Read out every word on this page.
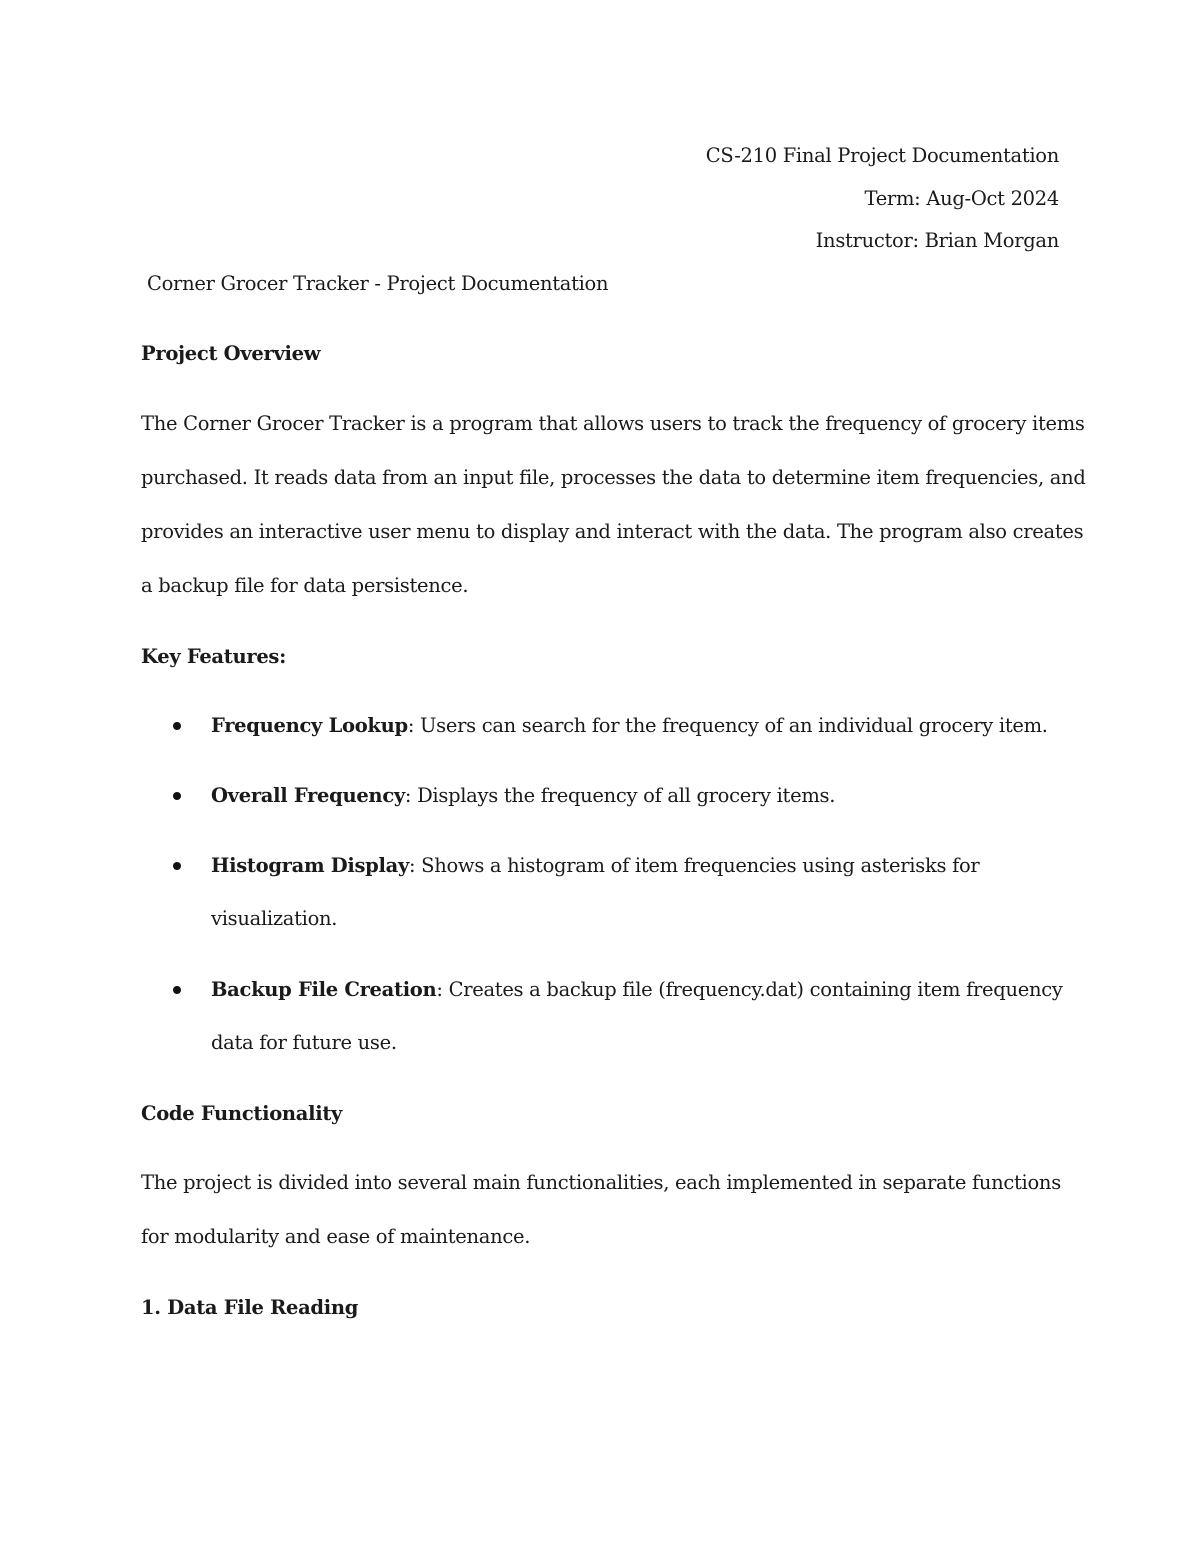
CS-210 Final Project Documentation
Term: Aug-Oct 2024
Instructor: Brian Morgan
Corner Grocer Tracker - Project Documentation
Project Overview
The Corner Grocer Tracker is a program that allows users to track the frequency of grocery items
purchased. It reads data from an input file, processes the data to determine item frequencies, and
provides an interactive user menu to display and interact with the data. The program also creates
a backup file for data persistence.
Key Features:
Frequency Lookup: Users can search for the frequency of an individual grocery item.
Overall Frequency: Displays the frequency of all grocery items.
Histogram Display: Shows a histogram of item frequencies using asterisks for
visualization.
Backup File Creation: Creates a backup file (frequency.dat) containing item frequency
data for future use.
Code Functionality
The project is divided into several main functionalities, each implemented in separate functions
for modularity and ease of maintenance.
1. Data File Reading
